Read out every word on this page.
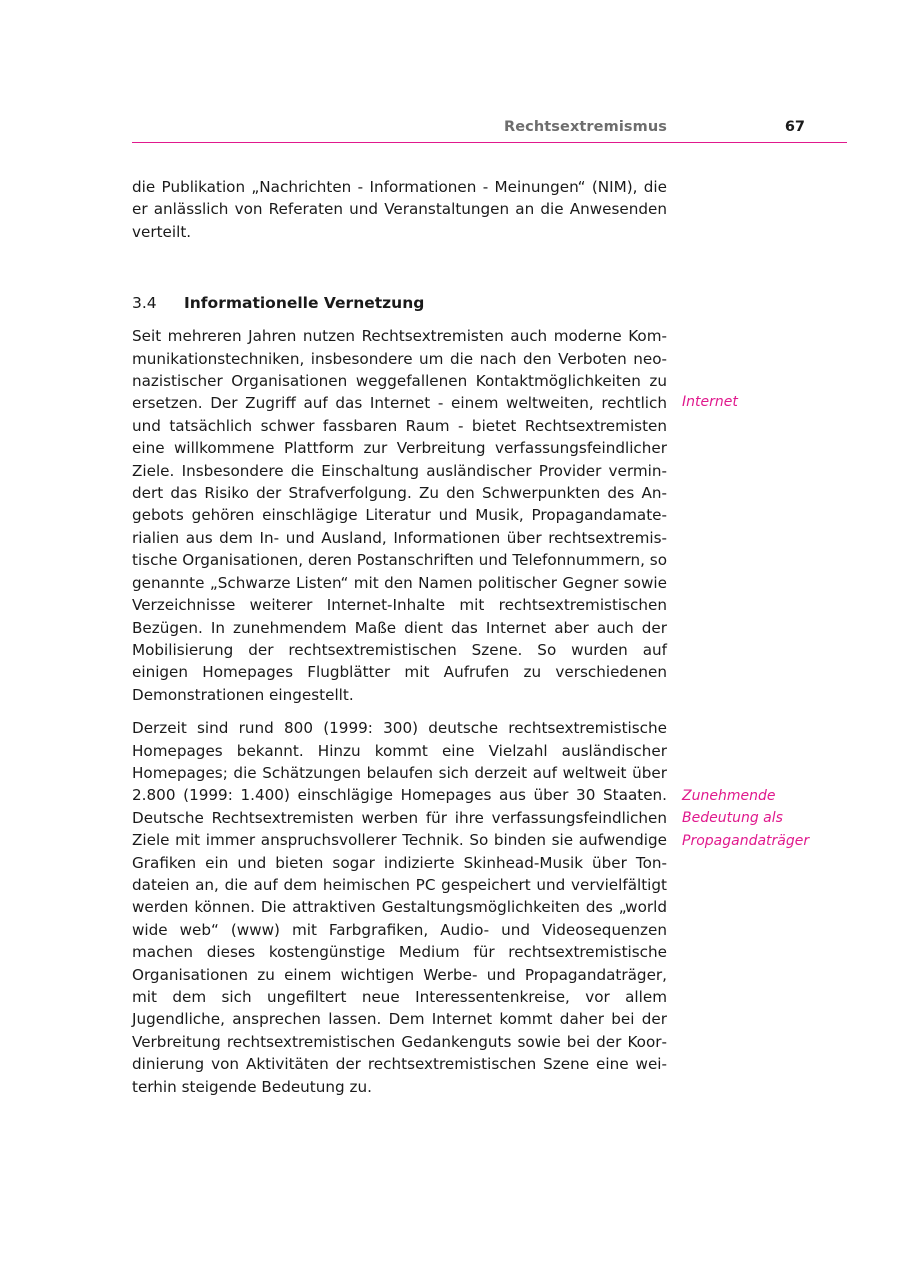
Rechtsextremismus	67

die Publikation „Nachrichten - Informationen - Meinungen“ (NIM), die er anlässlich von Referaten und Veranstaltungen an die Anwesenden verteilt.

3.4 Informationelle Vernetzung

Seit mehreren Jahren nutzen Rechtsextremisten auch moderne Kommunikationstechniken, insbesondere um die nach den Verboten neonazistischer Organisationen weggefallenen Kontaktmöglichkeiten zu ersetzen. Der Zugriff auf das Internet - einem weltweiten, rechtlich und tatsächlich schwer fassbaren Raum - bietet Rechtsextremisten eine willkommene Plattform zur Verbreitung verfassungsfeindlicher Ziele. Insbesondere die Einschaltung ausländischer Provider vermindert das Risiko der Strafverfolgung. Zu den Schwerpunkten des Angebots gehören einschlägige Literatur und Musik, Propagandamaterialien aus dem In- und Ausland, Informationen über rechtsextremistische Organisationen, deren Postanschriften und Telefonnummern, so genannte „Schwarze Listen“ mit den Namen politischer Gegner sowie Verzeichnisse weiterer Internet-Inhalte mit rechtsextremistischen Bezügen. In zunehmendem Maße dient das Internet aber auch der Mobilisierung der rechtsextremistischen Szene. So wurden auf einigen Homepages Flugblätter mit Aufrufen zu verschiedenen Demonstrationen eingestellt.

Derzeit sind rund 800 (1999: 300) deutsche rechtsextremistische Homepages bekannt. Hinzu kommt eine Vielzahl ausländischer Homepages; die Schätzungen belaufen sich derzeit auf weltweit über 2.800 (1999: 1.400) einschlägige Homepages aus über 30 Staaten. Deutsche Rechtsextremisten werben für ihre verfassungsfeindlichen Ziele mit immer anspruchsvollerer Technik. So binden sie aufwendige Grafiken ein und bieten sogar indizierte Skinhead-Musik über Tondateien an, die auf dem heimischen PC gespeichert und vervielfältigt werden können. Die attraktiven Gestaltungsmöglichkeiten des „world wide web“ (www) mit Farbgrafiken, Audio- und Videosequenzen machen dieses kostengünstige Medium für rechtsextremistische Organisationen zu einem wichtigen Werbe- und Propagandaträger, mit dem sich ungefiltert neue Interessentenkreise, vor allem Jugendliche, ansprechen lassen. Dem Internet kommt daher bei der Verbreitung rechtsextremistischen Gedankenguts sowie bei der Koordinierung von Aktivitäten der rechtsextremistischen Szene eine weiterhin steigende Bedeutung zu.

Internet
Zunehmende
Bedeutung als
Propagandaträger
